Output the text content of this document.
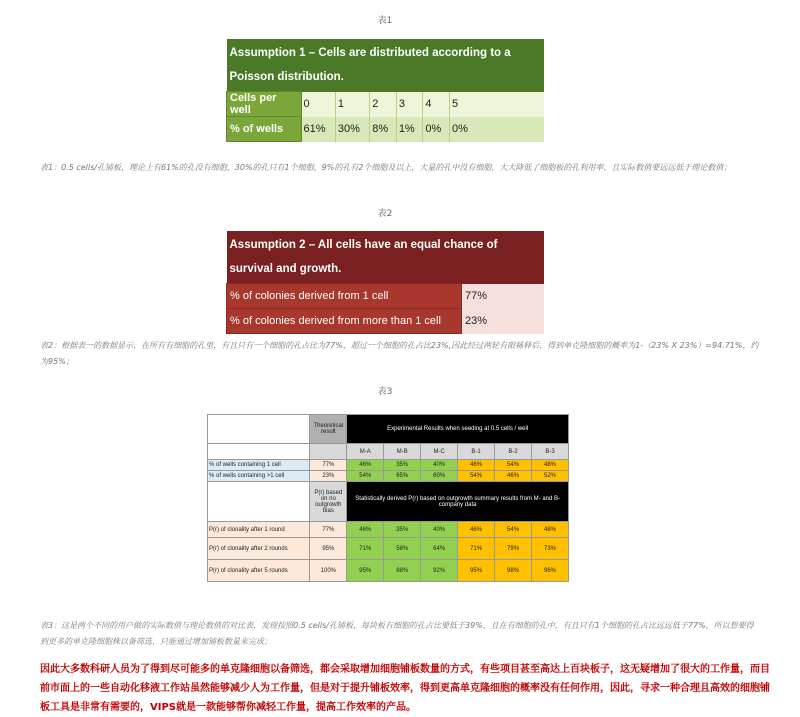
表1
Assumption 1 – Cells are distributed according to a Poisson distribution.						
Cells per well	0	1	2	3	4	5
% of wells	61%	30%	8%	1%	0%	0%
表1：0.5 cells/孔铺板，理论上有61%的孔没有细胞，30%的孔只有1个细胞，9%的孔有2个细胞及以上，大量的孔中没有细胞，大大降低了细胞板的孔利用率，且实际数值要远远低于理论数值；
表2
Assumption 2 – All cells have an equal chance of survival and growth.	
% of colonies derived from 1 cell	77%
% of colonies derived from more than 1 cell	23%
表2：根据表一的数据显示，在所有有细胞的孔里，有且只有一个细胞的孔占比为77%，超过一个细胞的孔占比23%,因此经过两轮有限稀释后，得到单克隆细胞的概率为1-（23% X 23%）=94.71%，约为95%；
表3
	Theoretical result	Experimental Results when seeding at 0.5 cells / well					

		M-A	M-B	M-C	B-1	B-2	B-3
% of wells containing 1 cell	77%	46%	35%	40%	46%	54%	48%
% of wells containing >1 cell	23%	54%	65%	60%	54%	46%	52%
	P(r) based on no outgrowth bias	Statistically derived P(r) based on outgrowth summary results from M- and B- company data					
P(r) of clonality after 1 round	77%	46%	35%	40%	46%	54%	48%
P(r) of clonality after 2 rounds	95%	71%	58%	64%	71%	79%	73%
P(r) of clonality after 5 rounds	100%	95%	88%	92%	95%	98%	96%
表3：这是两个不同的用户做的实际数值与理论数值的对比表，发现按照0.5 cells/孔铺板，每块板有细胞的孔占比要低于39%，且在有细胞的孔中，有且只有1个细胞的孔占比远远低于77%，所以想要得到更多的单克隆细胞株以备筛选，只能通过增加铺板数量来完成；
因此大多数科研人员为了得到尽可能多的单克隆细胞以备筛选，都会采取增加细胞铺板数量的方式，有些项目甚至高达上百块板子，这无疑增加了很大的工作量，而目前市面上的一些自动化移液工作站虽然能够减少人为工作量，但是对于提升铺板效率，得到更高单克隆细胞的概率没有任何作用，因此，寻求一种合理且高效的细胞铺板工具是非常有需要的，VIPS就是一款能够帮你减轻工作量，提高工作效率的产品。
